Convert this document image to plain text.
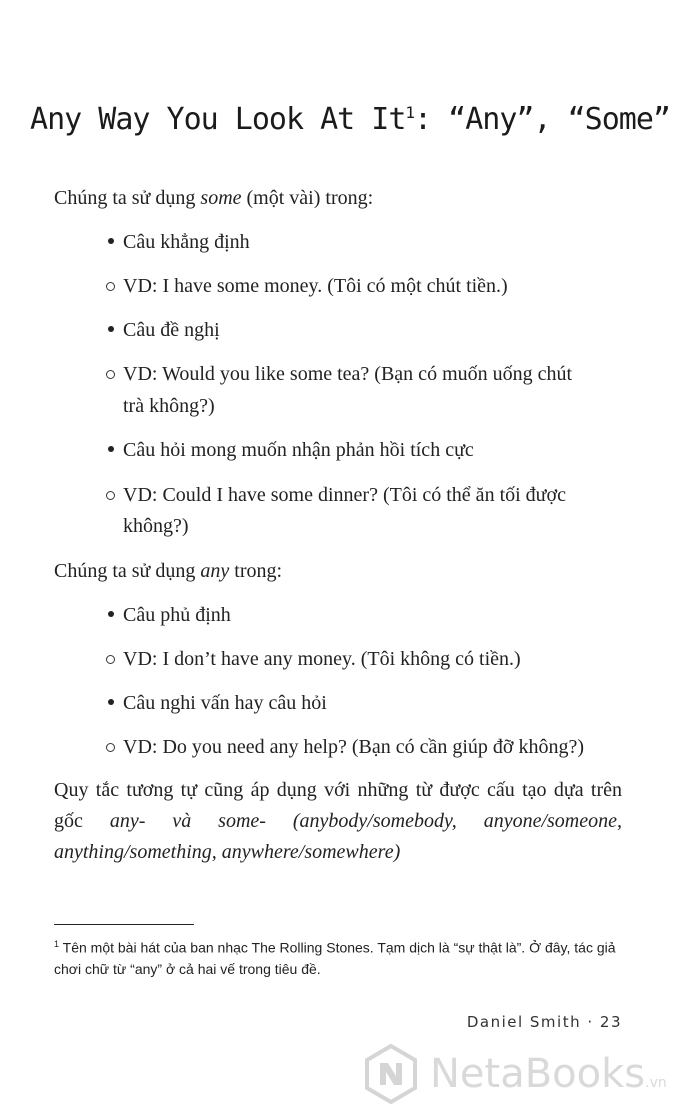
Any Way You Look At It$^1$: “Any”, “Some”
Chúng ta sử dụng some (một vài) trong:
Câu khẳng định
VD: I have some money. (Tôi có một chút tiền.)
Câu đề nghị
VD: Would you like some tea? (Bạn có muốn uống chút
trà không?)
Câu hỏi mong muốn nhận phản hồi tích cực
VD: Could I have some dinner? (Tôi có thể ăn tối được
không?)
Chúng ta sử dụng any trong:
Câu phủ định
VD: I don’t have any money. (Tôi không có tiền.)
Câu nghi vấn hay câu hỏi
VD: Do you need any help? (Bạn có cần giúp đỡ không?)
Quy tắc tương tự cũng áp dụng với những từ được cấu tạo dựa trên gốc any- và some- (anybody/somebody, anyone/someone, anything/something, anywhere/somewhere)
$^1$ Tên một bài hát của ban nhạc The Rolling Stones. Tạm dịch là “sự thật là”. Ở đây, tác giả chơi chữ từ “any” ở cả hai vế trong tiêu đề.
Daniel Smith · 23
NetaBooks.vn
